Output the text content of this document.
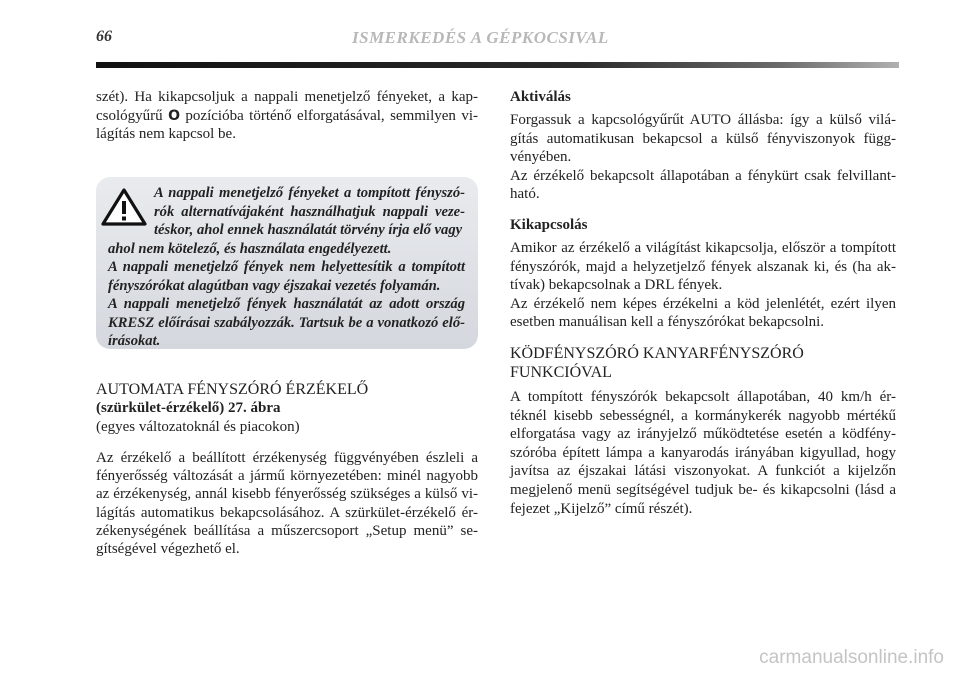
66	ISMERKEDÉS A GÉPKOCSIVAL

szét). Ha kikapcsoljuk a nappali menetjelző fényeket, a kap-csológyűrű O pozícióba történő elforgatásával, semmilyen vi-lágítás nem kapcsol be.

A nappali menetjelző fényeket a tompított fényszó-rók alternatívájaként használhatjuk nappali veze-téskor, ahol ennek használatát törvény írja elő vagy

ahol nem kötelező, és használata engedélyezett.

A nappali menetjelző fények nem helyettesítik a tompított fényszórókat alagútban vagy éjszakai vezetés folyamán.

A nappali menetjelző fények használatát az adott ország KRESZ előírásai szabályozzák. Tartsuk be a vonatkozó elő-írásokat.

AUTOMATA FÉNYSZÓRÓ ÉRZÉKELŐ
(szürkület-érzékelő) 27. ábra
(egyes változatoknál és piacokon)

Az érzékelő a beállított érzékenység függvényében észleli a fényerősség változását a jármű környezetében: minél nagyobb az érzékenység, annál kisebb fényerősség szükséges a külső vi-lágítás automatikus bekapcsolásához. A szürkület-érzékelő ér-zékenységének beállítása a műszercsoport „Setup menü” se-gítségével végezhető el.

Aktiválás

Forgassuk a kapcsológyűrűt AUTO állásba: így a külső vilá-gítás automatikusan bekapcsol a külső fényviszonyok függ-vényében.

Az érzékelő bekapcsolt állapotában a fénykürt csak felvillant-ható.

Kikapcsolás

Amikor az érzékelő a világítást kikapcsolja, először a tompított fényszórók, majd a helyzetjelző fények alszanak ki, és (ha ak-tívak) bekapcsolnak a DRL fények.

Az érzékelő nem képes érzékelni a köd jelenlétét, ezért ilyen esetben manuálisan kell a fényszórókat bekapcsolni.

KÖDFÉNYSZÓRÓ KANYARFÉNYSZÓRÓ
FUNKCIÓVAL

A tompított fényszórók bekapcsolt állapotában, 40 km/h ér-téknél kisebb sebességnél, a kormánykerék nagyobb mértékű elforgatása vagy az irányjelző működtetése esetén a ködfény-szóróba épített lámpa a kanyarodás irányában kigyullad, hogy javítsa az éjszakai látási viszonyokat. A funkciót a kijelzőn megjelenő menü segítségével tudjuk be- és kikapcsolni (lásd a fejezet „Kijelző” című részét).

carmanualsonline.info
